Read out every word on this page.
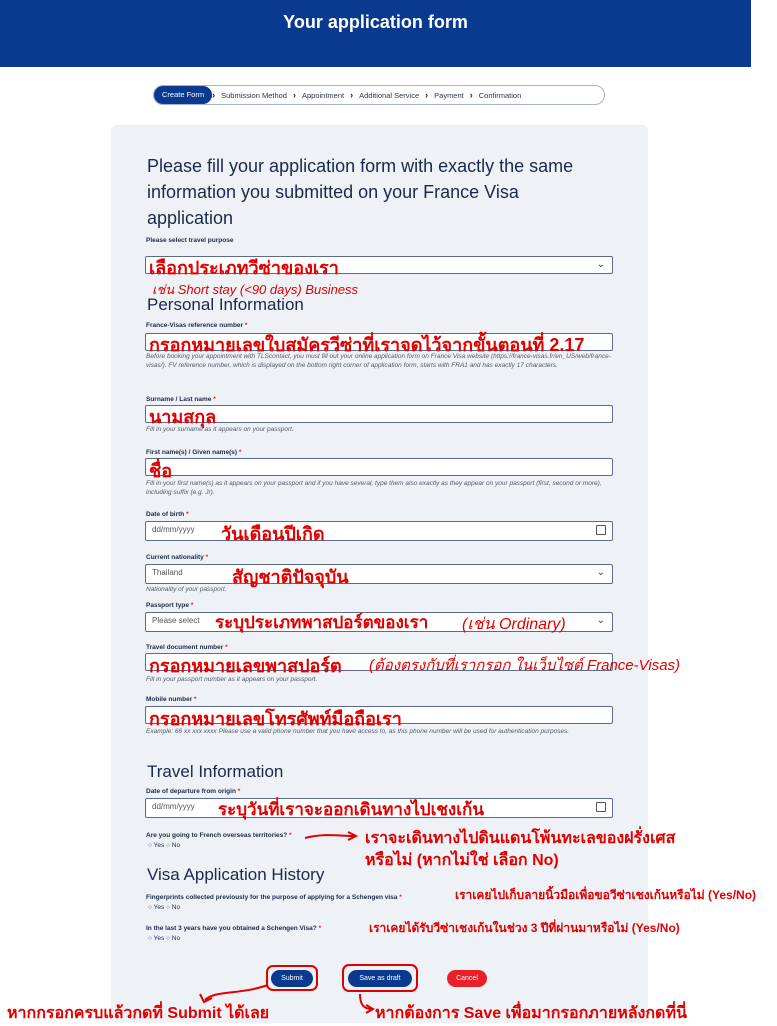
Your application form
Create Form › Submission Method › Appointment › Additional Service › Payment › Confirmation
Please fill your application form with exactly the same information you submitted on your France Visa application
Please select travel purpose
⌄
เลือกประเภทวีซ่าของเรา
เช่น Short stay (<90 days) Business
Personal Information
France-Visas reference number *
กรอกหมายเลขใบสมัครวีซ่าที่เราจดไว้จากขั้นตอนที่ 2.17
Before booking your appointment with TLScontact, you must fill out your online application form on France Visa website (https://france-visas.fr/en_US/web/france-visas/). FV reference number, which is displayed on the bottom right corner of application form, starts with FRA1 and has exactly 17 characters.
Surname / Last name *
นามสกุล
Fill in your surname as it appears on your passport.
First name(s) / Given name(s) *
ชื่อ
Fill in your first name(s) as it appears on your passport and if you have several, type them also exactly as they appear on your passport (first, second or more), including suffix (e.g. Jr).
Date of birth *
dd/mm/yyyy วันเดือนปีเกิด
Current nationality *
Thailand	⌄
สัญชาติปัจจุบัน
Nationality of your passport.
Passport type *
Please select	⌄
ระบุประเภทพาสปอร์ตของเรา (เช่น Ordinary)
Travel document number *
กรอกหมายเลขพาสปอร์ต (ต้องตรงกับที่เรากรอก ในเว็บไซต์ France-Visas)
Fill in your passport number as it appears on your passport.
Mobile number *
กรอกหมายเลขโทรศัพท์มือถือเรา
Example: 66 xx xxx xxxx Please use a valid phone number that you have access to, as this phone number will be used for authentication purposes.
Travel Information
Date of departure from origin *
dd/mm/yyyy ระบุวันที่เราจะออกเดินทางไปเชงเก้น
Are you going to French overseas territories? *
○ Yes ○ No	เราจะเดินทางไปดินแดนโพ้นทะเลของฝรั่งเศส
หรือไม่ (หากไม่ใช่ เลือก No)
Visa Application History
Fingerprints collected previously for the purpose of applying for a Schengen visa *
○ Yes ○ No
เราเคยไปเก็บลายนิ้วมือเพื่อขอวีซ่าเชงเก้นหรือไม่ (Yes/No)
In the last 3 years have you obtained a Schengen Visa? *
○ Yes ○ No
เราเคยได้รับวีซ่าเชงเก้นในช่วง 3 ปีที่ผ่านมาหรือไม่ (Yes/No)
Submit	Save as draft	Cancel
หากกรอกครบแล้วกดที่ Submit ได้เลย	หากต้องการ Save เพื่อมากรอกภายหลังกดที่นี่
